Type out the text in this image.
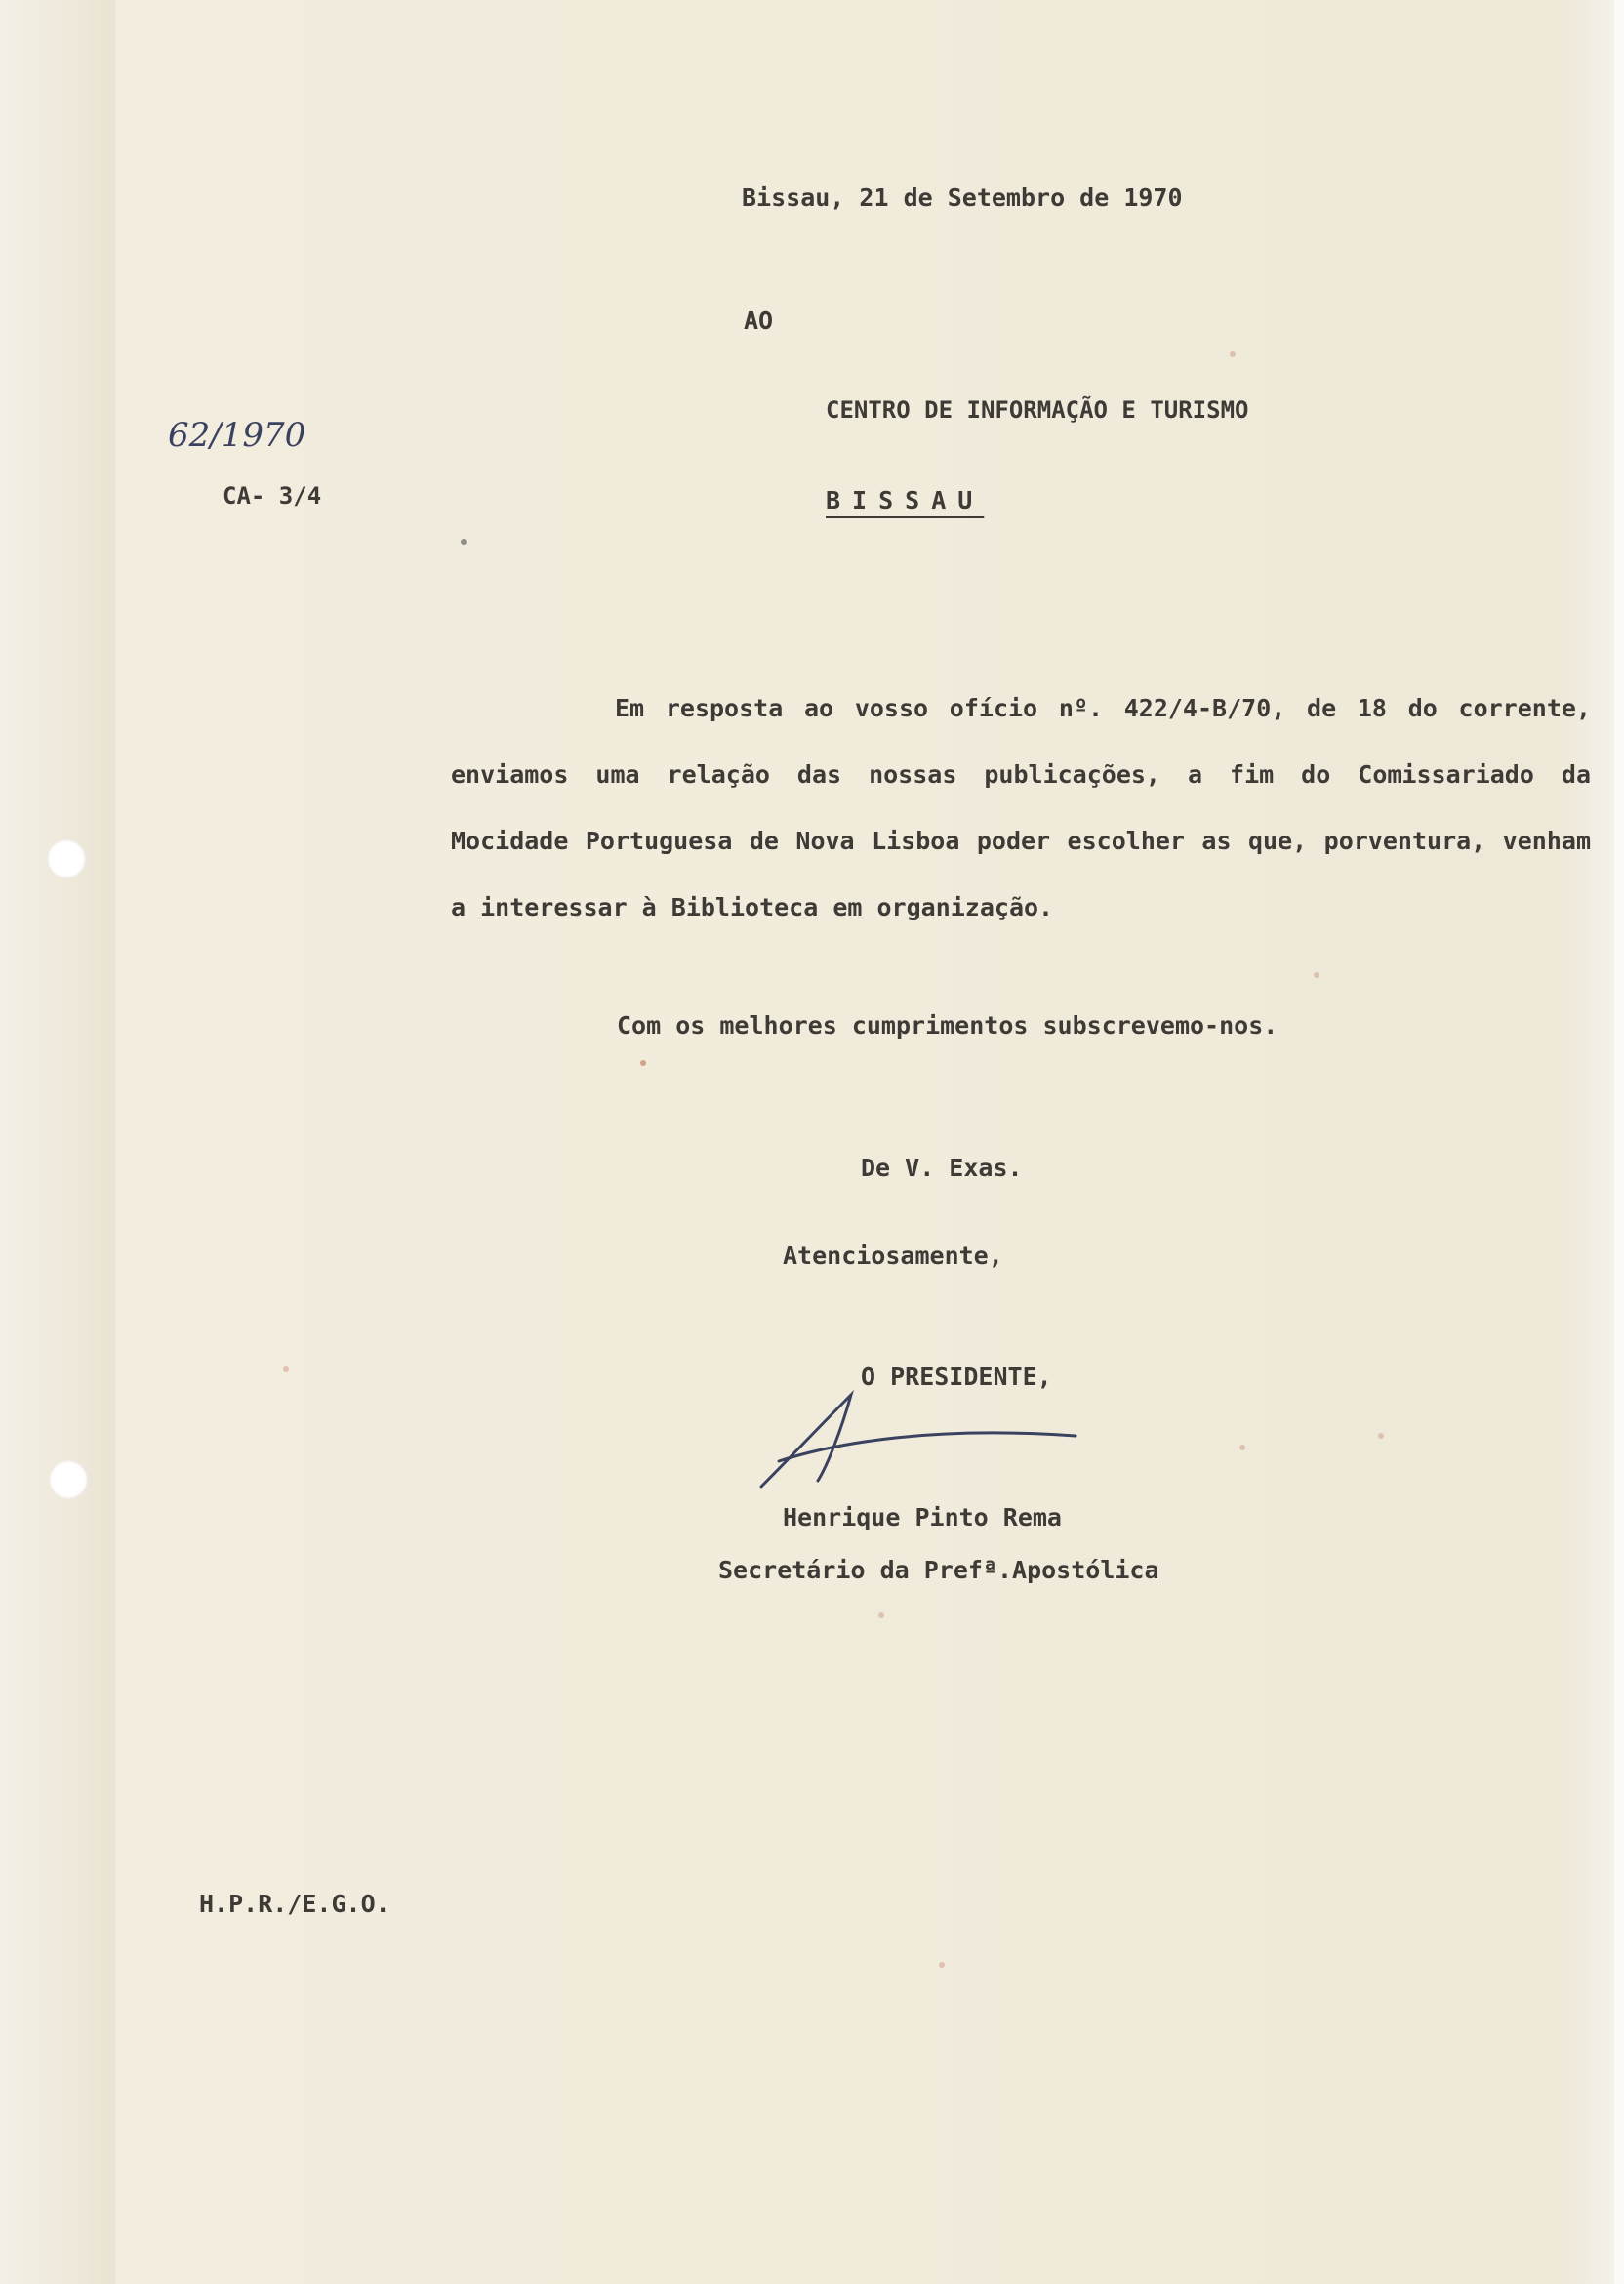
Bissau, 21 de Setembro de 1970
AO
CENTRO DE INFORMAÇÃO E TURISMO
BISSAU
62/1970
CA- 3/4
Em resposta ao vosso ofício nº. 422/4-B/70, de 18 do corrente, enviamos uma relação das nossas publicações, a fim do Comissariado da Mocidade Portuguesa de Nova Lisboa poder escolher as que, porventura, venham a interessar à Biblioteca em organização.
Com os melhores cumprimentos subscrevemo-nos.
De V. Exas.
Atenciosamente,
O PRESIDENTE,
Henrique Pinto Rema
Secretário da Prefª.Apostólica
H.P.R./E.G.O.
